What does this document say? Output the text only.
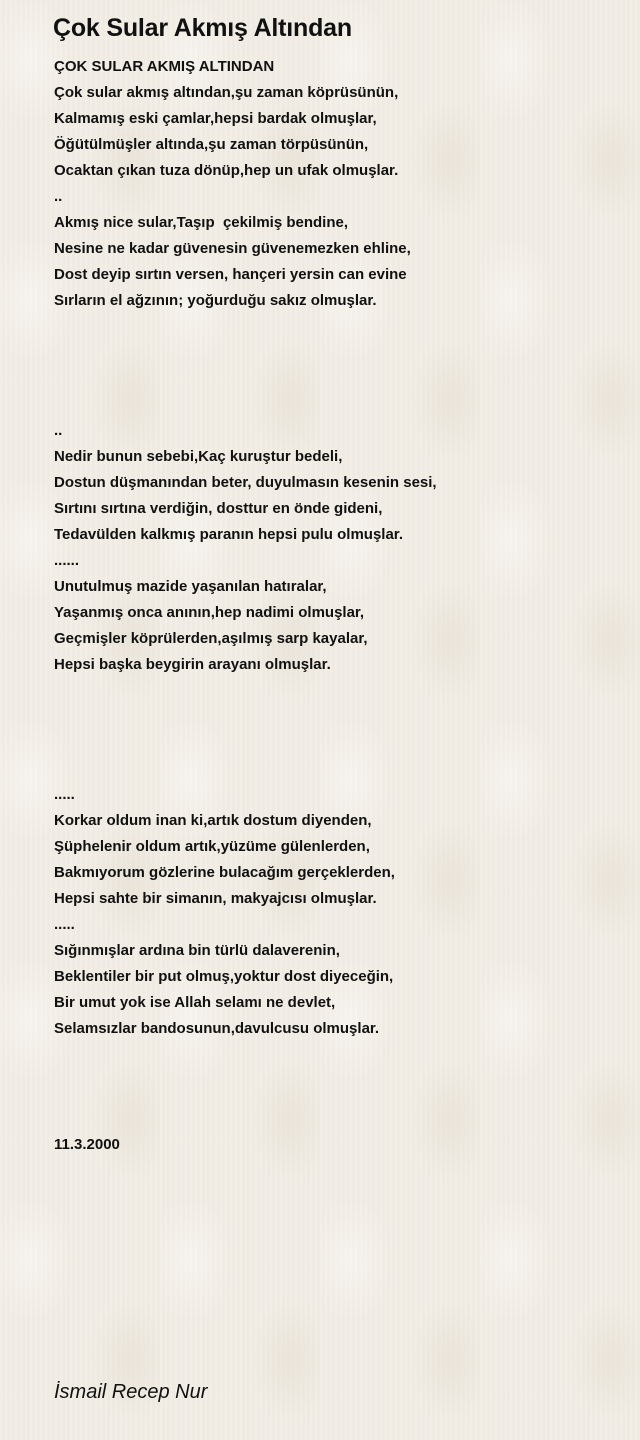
Çok Sular Akmış Altından
ÇOK SULAR AKMIŞ ALTINDAN
Çok sular akmış altından,şu zaman köprüsünün,
Kalmamış eski çamlar,hepsi bardak olmuşlar,
Öğütülmüşler altında,şu zaman törpüsünün,
Ocaktan çıkan tuza dönüp,hep un ufak olmuşlar.
..
Akmış nice sular,Taşıp  çekilmiş bendine,
Nesine ne kadar güvenesin güvenemezken ehline,
Dost deyip sırtın versen, hançeri yersin can evine
Sırların el ağzının; yoğurduğu sakız olmuşlar.
..
Nedir bunun sebebi,Kaç kuruştur bedeli,
Dostun düşmanından beter, duyulmasın kesenin sesi,
Sırtını sırtına verdiğin, dosttur en önde gideni,
Tedavülden kalkmış paranın hepsi pulu olmuşlar.
......
Unutulmuş mazide yaşanılan hatıralar,
Yaşanmış onca anının,hep nadimi olmuşlar,
Geçmişler köprülerden,aşılmış sarp kayalar,
Hepsi başka beygirin arayanı olmuşlar.
.....
Korkar oldum inan ki,artık dostum diyenden,
Şüphelenir oldum artık,yüzüme gülenlerden,
Bakmıyorum gözlerine bulacağım gerçeklerden,
Hepsi sahte bir simanın, makyajcısı olmuşlar.
.....
Sığınmışlar ardına bin türlü dalaverenin,
Beklentiler bir put olmuş,yoktur dost diyeceğin,
Bir umut yok ise Allah selamı ne devlet,
Selamsızlar bandosunun,davulcusu olmuşlar.
11.3.2000
İsmail Recep Nur
